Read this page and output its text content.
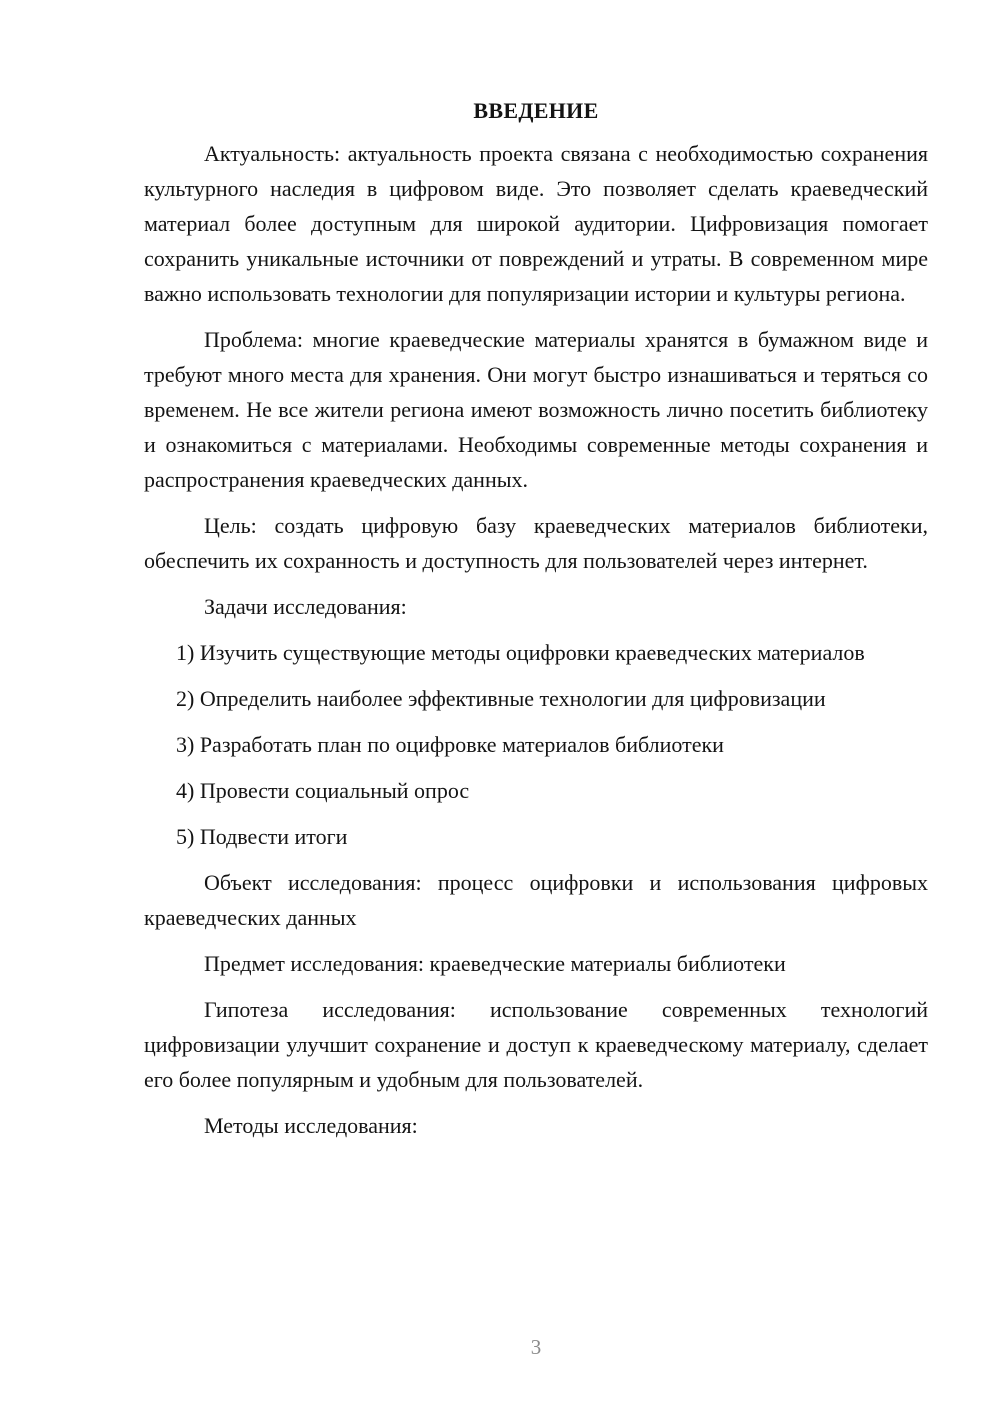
ВВЕДЕНИЕ

Актуальность: актуальность проекта связана с необходимостью сохранения культурного наследия в цифровом виде. Это позволяет сделать краеведческий материал более доступным для широкой аудитории. Цифровизация помогает сохранить уникальные источники от повреждений и утраты. В современном мире важно использовать технологии для популяризации истории и культуры региона.

Проблема: многие краеведческие материалы хранятся в бумажном виде и требуют много места для хранения. Они могут быстро изнашиваться и теряться со временем. Не все жители региона имеют возможность лично посетить библиотеку и ознакомиться с материалами. Необходимы современные методы сохранения и распространения краеведческих данных.

Цель: создать цифровую базу краеведческих материалов библиотеки, обеспечить их сохранность и доступность для пользователей через интернет.

Задачи исследования:

1) Изучить существующие методы оцифровки краеведческих материалов

2) Определить наиболее эффективные технологии для цифровизации

3) Разработать план по оцифровке материалов библиотеки

4) Провести социальный опрос

5) Подвести итоги

Объект исследования: процесс оцифровки и использования цифровых краеведческих данных

Предмет исследования: краеведческие материалы библиотеки

Гипотеза исследования: использование современных технологий цифровизации улучшит сохранение и доступ к краеведческому материалу, сделает его более популярным и удобным для пользователей.

Методы исследования:

3
